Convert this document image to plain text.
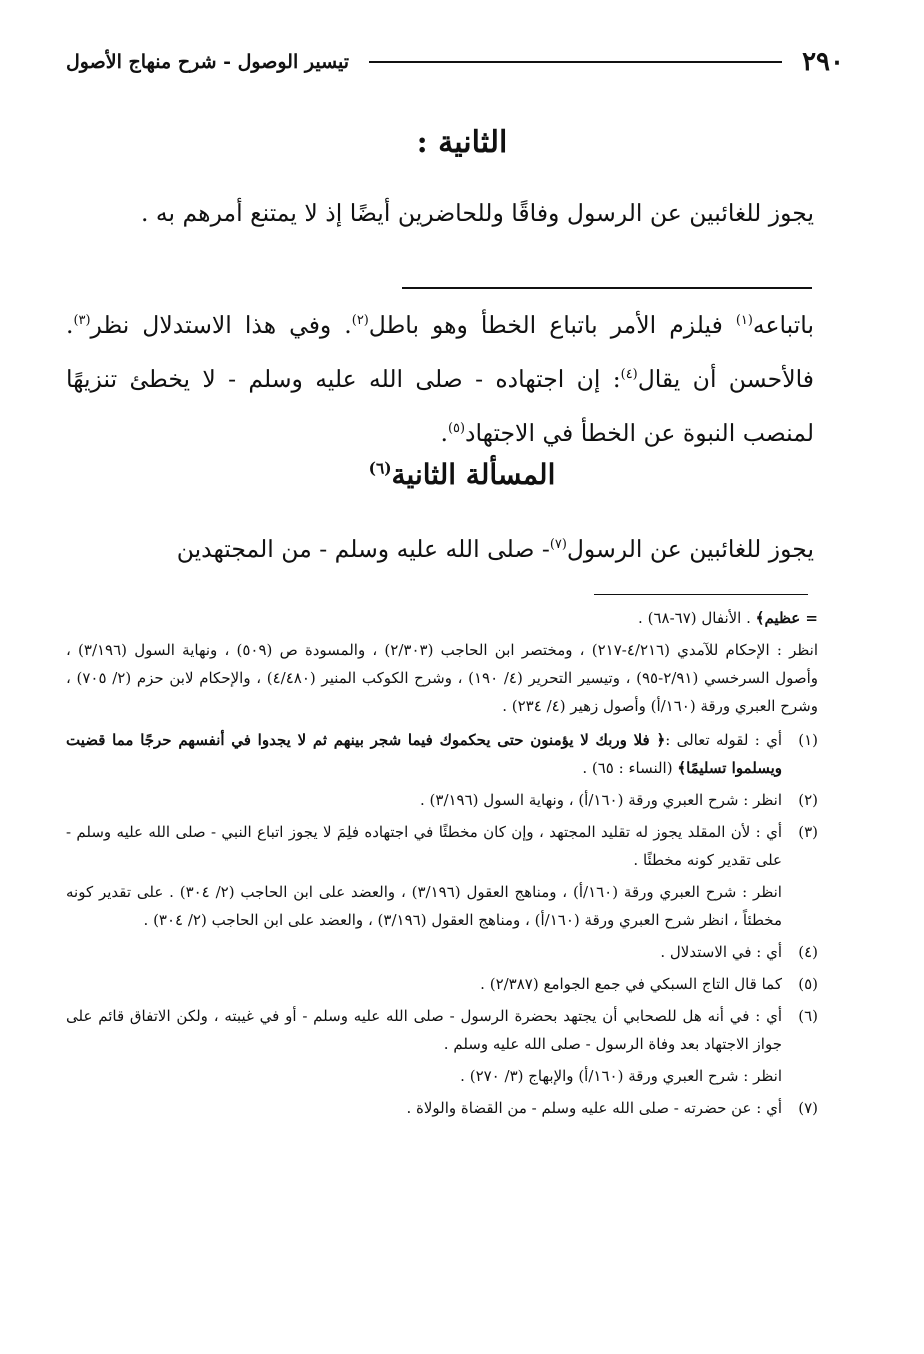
٢٩٠
تيسير الوصول - شرح منهاج الأصول
الثانية :
يجوز للغائبين عن الرسول وفاقًا وللحاضرين أيضًا إذ لا يمتنع أمرهم به .
باتباعه$^{(١)}$ فيلزم الأمر باتباع الخطأ وهو باطل$^{(٢)}$. وفي هذا الاستدلال نظر$^{(٣)}$. فالأحسن أن يقال$^{(٤)}$: إن اجتهاده - صلى الله عليه وسلم - لا يخطئ تنزيهًا لمنصب النبوة عن الخطأ في الاجتهاد$^{(٥)}$.
المسألة الثانية$^{(٦)}$
يجوز للغائبين عن الرسول$^{(٧)}$- صلى الله عليه وسلم - من المجتهدين

= عظيم﴾ . الأنفال (٦٧-٦٨) .

انظر : الإحكام للآمدي (٤/٢١٦-٢١٧) ، ومختصر ابن الحاجب (٢/٣٠٣) ، والمسودة ص (٥٠٩) ، ونهاية السول (٣/١٩٦) ، وأصول السرخسي (٢/٩١-٩٥) ، وتيسير التحرير (٤/ ١٩٠) ، وشرح الكوكب المنير (٤/٤٨٠) ، والإحكام لابن حزم (٢/ ٧٠٥) ، وشرح العبري ورقة (١٦٠/أ) وأصول زهير (٤/ ٢٣٤) .

(١)
أي : لقوله تعالى :﴿ فلا وربك لا يؤمنون حتى يحكموك فيما شجر بينهم ثم لا يجدوا في أنفسهم حرجًا مما قضيت ويسلموا تسليمًا﴾ (النساء : ٦٥) .

(٢)
انظر : شرح العبري ورقة (١٦٠/أ) ، ونهاية السول (٣/١٩٦) .

(٣)
أي : لأن المقلد يجوز له تقليد المجتهد ، وإن كان مخطئًا في اجتهاده فلِمَ لا يجوز اتباع النبي - صلى الله عليه وسلم - على تقدير كونه مخطئًا .

انظر : شرح العبري ورقة (١٦٠/أ) ، ومناهج العقول (٣/١٩٦) ، والعضد على ابن الحاجب (٢/ ٣٠٤) . على تقدير كونه مخطئاً ، انظر شرح العبري ورقة (١٦٠/أ) ، ومناهج العقول (٣/١٩٦) ، والعضد على ابن الحاجب (٢/ ٣٠٤) .

(٤)
أي : في الاستدلال .

(٥)
كما قال التاج السبكي في جمع الجوامع (٢/٣٨٧) .

(٦)
أي : في أنه هل للصحابي أن يجتهد بحضرة الرسول - صلى الله عليه وسلم - أو في غيبته ، ولكن الاتفاق قائم على جواز الاجتهاد بعد وفاة الرسول - صلى الله عليه وسلم .

انظر : شرح العبري ورقة (١٦٠/أ) والإبهاج (٣/ ٢٧٠) .

(٧)
أي : عن حضرته - صلى الله عليه وسلم - من القضاة والولاة .
